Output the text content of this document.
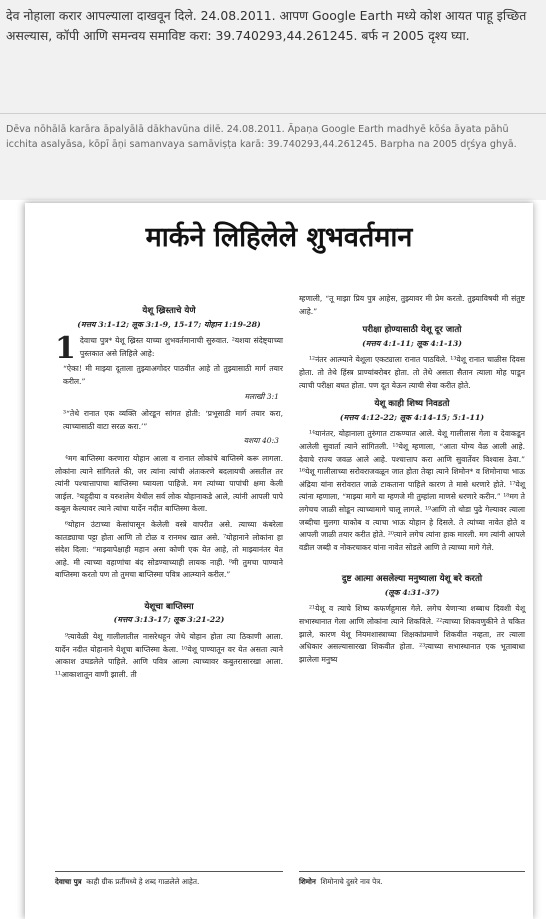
देव नोहाला करार आपल्याला दाखवून दिले. 24.08.2011. आपण Google Earth मध्ये कोश आयत पाहू इच्छित असल्यास, कॉपी आणि समन्वय समाविष्ट करा: 39.740293,44.261245. बर्फ न 2005 दृश्य घ्या.
Dēva nōhālā karāra āpalyālā dākhavūna dilē. 24.08.2011. Āpaṇa Google Earth madhyē kōśa āyata pāhū icchita asalyāsa, kōpī āṇi samanvaya samāviṣṭa karā: 39.740293,44.261245. Barpha na 2005 dr̥śya ghyā.
मार्कने लिहिलेले शुभवर्तमान
येशू ख्रिस्ताचे येणे
(मत्तय 3:1-12; लूक 3:1-9, 15-17; योहान 1:19-28)

1 देवाचा पुत्र* येशू ख्रिस्त याच्या शुभवर्तमानाची सुरुवात. ²यशया संदेष्ट्याच्या पुस्तकात असे लिहिले आहे:

“ऐका! मी माझ्या दूताला तुझ्याअगोदर पाठवीत आहे तो तुझ्यासाठी मार्ग तयार करील.”

मलाखी 3:1

³“तेथे रानात एक व्यक्ति ओरडून सांगत होती: ‘प्रभूसाठी मार्ग तयार करा, त्याच्यासाठी वाटा सरळ करा.’”

यशया 40:3

⁴मग बाप्तिस्मा करणारा योहान आला व रानात लोकांचे बाप्तिस्मे करू लागला. लोकांना त्याने सांगितले की, जर त्यांना त्यांची अंतःकरणे बदलायची असतील तर त्यांनी पश्चात्तापाचा बाप्तिस्मा घ्यायला पाहिजे. मग त्यांच्या पापांची क्षमा केली जाईल. ⁵यहूदीया व यरुशलेम येथील सर्व लोक योहानाकडे आले, त्यांनी आपली पापे कबूल केल्यावर त्याने त्यांचा यार्देन नदीत बाप्तिस्मा केला.

⁶योहान उंटाच्या केसांपासून केलेली वस्त्रे वापरीत असे. त्याच्या कंबरेला कातड्याचा पट्टा होता आणि तो टोळ व रानमध खात असे. ⁷योहानाने लोकांना हा संदेश दिला: “माझ्यापेक्षाही महान असा कोणी एक येत आहे, तो माझ्यानंतर येत आहे. मी त्याच्या वहाणांचा बंद सोडण्याच्याही लायक नाही. ⁸मी तुमचा पाण्याने बाप्तिस्मा करतो पण तो तुमचा बाप्तिस्मा पवित्र आत्म्याने करील.”

येशूचा बाप्तिस्मा
(मत्तय 3:13-17; लूक 3:21-22)

⁹त्यावेळी येशू गालीलातील नासरेथहून जेथे योहान होता त्या ठिकाणी आला. यार्देन नदीत योहानाने येशूचा बाप्तिस्मा केला. ¹⁰येशू पाण्यातून वर येत असता त्याने आकाश उघडलेले पाहिले. आणि पवित्र आत्मा त्याच्यावर कबुतरासारखा आला. ¹¹आकाशातून वाणी झाली. ती

म्हणाली, “तू माझा प्रिय पुत्र आहेस, तुझ्यावर मी प्रेम करतो. तुझ्याविषयी मी संतुष्ट आहे.”

परीक्षा होण्यासाठी येशू दूर जातो
(मत्तय 4:1-11; लूक 4:1-13)

¹²नंतर आत्म्याने येशूला एकट्याला रानात पाठविले. ¹³येशू रानात चाळीस दिवस होता. तो तेथे हिंस्त्र प्राण्यांबरोबर होता. तो तेथे असता सैतान त्याला मोह पाडून त्याची परीक्षा बघत होता. पण दूत येऊन त्याची सेवा करीत होते.

येशू काही शिष्य निवडतो
(मत्तय 4:12-22; लूक 4:14-15; 5:1-11)

¹⁴यानंतर, योहानाला तुरुंगात टाकण्यात आले. येशू गालीलास गेला व देवाकडून आलेली सुवार्ता त्याने सांगितली. ¹⁵येशू म्हणाला, “आता योग्य वेळ आली आहे. देवाचे राज्य जवळ आले आहे. पश्चात्ताप करा आणि सुवार्तेवर विश्वास ठेवा.” ¹⁶येशू गालीलाच्या सरोवराजवळून जात होता तेव्हा त्याने शिमोन* व शिमोनाचा भाऊ अंद्रिया यांना सरोवरात जाळे टाकताना पाहिले कारण ते मासे धरणारे होते. ¹⁷येशू त्यांना म्हणाला, “माझ्या मागे या म्हणजे मी तुम्हांला माणसे धरणारे करीन.” ¹⁸मग ते लगेचच जाळी सोडून त्याच्यामागे चालू लागले. ¹⁹आणि तो थोडा पुढे गेल्यावर त्याला जब्दीचा मुलगा याकोब व त्याचा भाऊ योहान हे दिसले. ते त्यांच्या नावेत होते व आपली जाळी तयार करीत होते. ²⁰त्याने लगेच त्यांना हाक मारली. मग त्यांनी आपले वडील जब्दी व नोकरचाकर यांना नावेत सोडले आणि ते त्याच्या मागे गेले.

दुष्ट आत्मा असलेल्या मनुष्याला येशू बरे करतो
(लूक 4:31-37)

²¹येशू व त्याचे शिष्य कफर्णहूमास गेले. लगेच येणाऱ्या शब्बाथ दिवशी येशू सभास्थानात गेला आणि लोकांना त्याने शिकविले. ²²त्याच्या शिकवणुकीने ते चकित झाले, कारण येशू नियमशास्त्राच्या शिक्षकांप्रमाणे शिकवीत नव्हता, तर त्याला अधिकार असल्यासारखा शिकवीत होता. ²³त्याच्या सभास्थानात एक भूताबाधा झालेला मनुष्य

देवाचा पुत्र काही ग्रीक प्रतींमध्ये हे शब्द गाळलेले आहेत.	शिमोन शिमोनाचे दुसरे नाव पेत्र.
